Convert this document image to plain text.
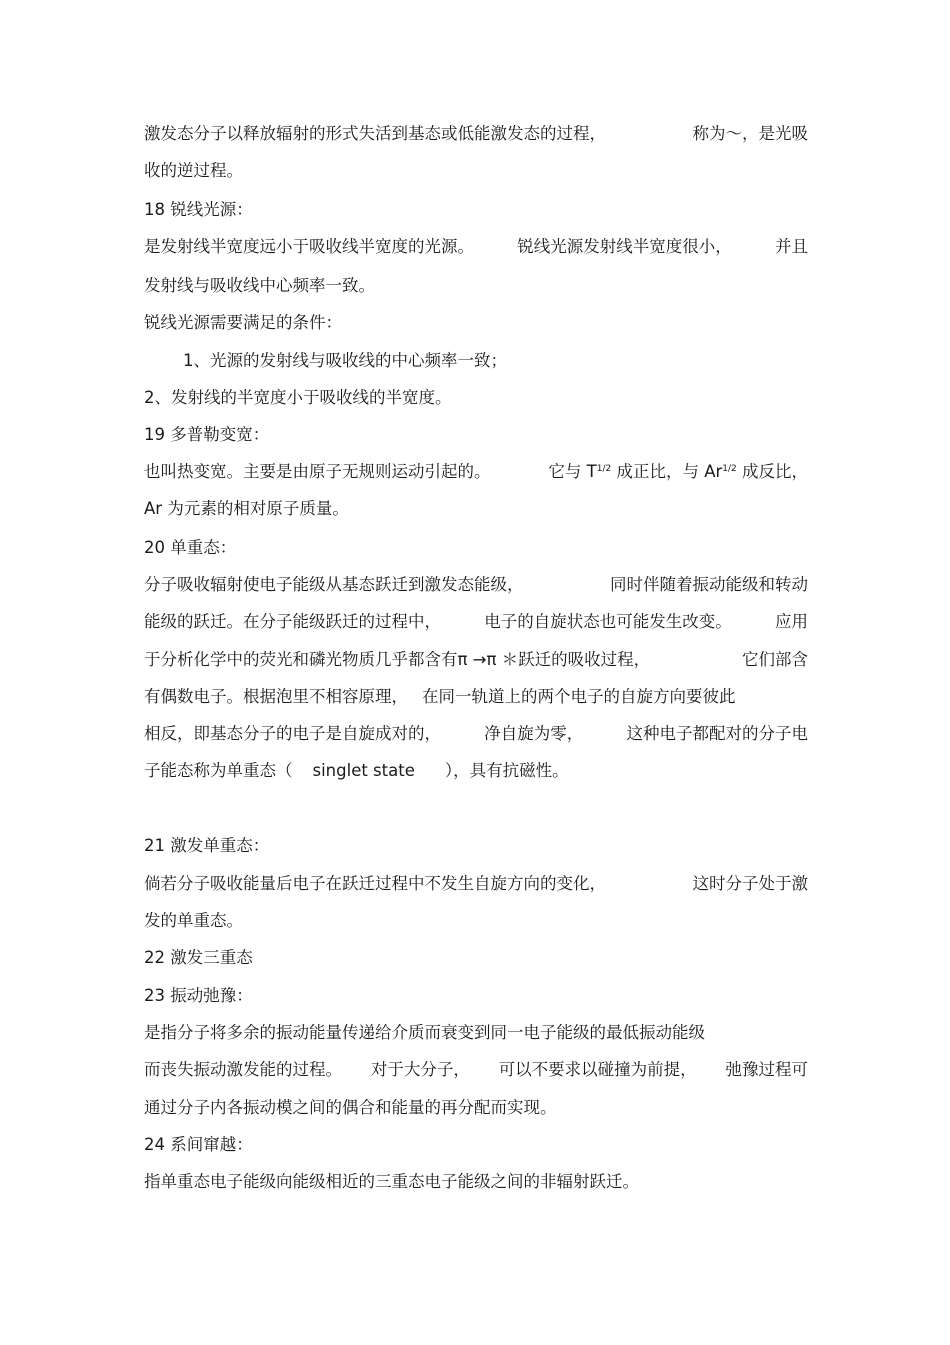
激发态分子以释放辐射的形式失活到基态或低能激发态的过程，	称为～，是光吸
收的逆过程。
18 锐线光源：
是发射线半宽度远小于吸收线半宽度的光源。	锐线光源发射线半宽度很小，	并且
发射线与吸收线中心频率一致。
锐线光源需要满足的条件：
1、光源的发射线与吸收线的中心频率一致；
2、发射线的半宽度小于吸收线的半宽度。
19 多普勒变宽：
也叫热变宽。主要是由原子无规则运动引起的。	它与 $T^{1/2}$ 成正比，与 $Ar^{1/2}$ 成反比，
Ar 为元素的相对原子质量。
20 单重态：
分子吸收辐射使电子能级从基态跃迁到激发态能级，	同时伴随着振动能级和转动
能级的跃迁。在分子能级跃迁的过程中，	电子的自旋状态也可能发生改变。	应用
于分析化学中的荧光和磷光物质几乎都含有π →π ＊跃迁的吸收过程，	它们部含
有偶数电子。根据泡里不相容原理， 在同一轨道上的两个电子的自旋方向要彼此
相反，即基态分子的电子是自旋成对的，	净自旋为零，	这种电子都配对的分子电
子能态称为单重态（ singlet state ），具有抗磁性。
21 激发单重态：
倘若分子吸收能量后电子在跃迁过程中不发生自旋方向的变化，	这时分子处于激
发的单重态。
22 激发三重态
23 振动弛豫：
是指分子将多余的振动能量传递给介质而衰变到同一电子能级的最低振动能级
而丧失振动激发能的过程。 对于大分子， 可以不要求以碰撞为前提， 弛豫过程可
通过分子内各振动模之间的偶合和能量的再分配而实现。
24 系间窜越：
指单重态电子能级向能级相近的三重态电子能级之间的非辐射跃迁。
